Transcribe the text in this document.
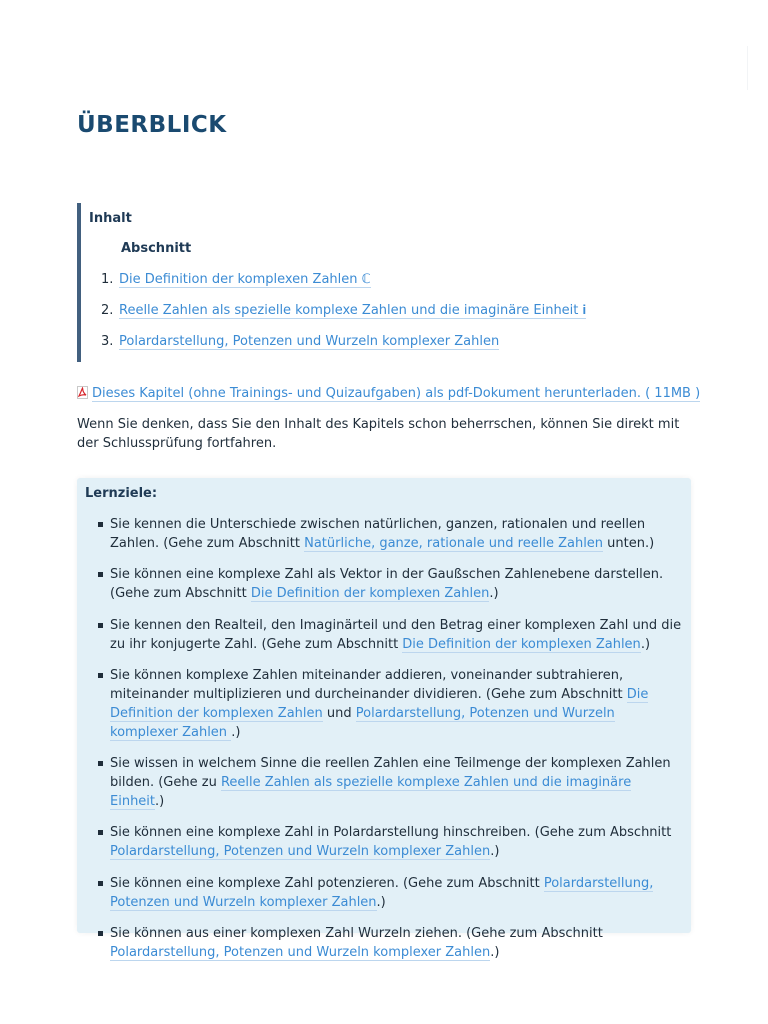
ÜBERBLICK
Inhalt
Abschnitt
1. Die Definition der komplexen Zahlen ℂ
2. Reelle Zahlen als spezielle komplexe Zahlen und die imaginäre Einheit 𝐢
3. Polardarstellung, Potenzen und Wurzeln komplexer Zahlen
Dieses Kapitel (ohne Trainings- und Quizaufgaben) als pdf-Dokument herunterladen. ( 11MB )

Wenn Sie denken, dass Sie den Inhalt des Kapitels schon beherrschen, können Sie direkt mit der Schlussprüfung fortfahren.

Lernziele:
Sie kennen die Unterschiede zwischen natürlichen, ganzen, rationalen und reellen Zahlen. (Gehe zum Abschnitt Natürliche, ganze, rationale und reelle Zahlen unten.)
Sie können eine komplexe Zahl als Vektor in der Gaußschen Zahlenebene darstellen. (Gehe zum Abschnitt Die Definition der komplexen Zahlen.)
Sie kennen den Realteil, den Imaginärteil und den Betrag einer komplexen Zahl und die zu ihr konjugerte Zahl. (Gehe zum Abschnitt Die Definition der komplexen Zahlen.)
Sie können komplexe Zahlen miteinander addieren, voneinander subtrahieren, miteinander multiplizieren und durcheinander dividieren. (Gehe zum Abschnitt Die Definition der komplexen Zahlen und Polardarstellung, Potenzen und Wurzeln komplexer Zahlen .)
Sie wissen in welchem Sinne die reellen Zahlen eine Teilmenge der komplexen Zahlen bilden. (Gehe zu Reelle Zahlen als spezielle komplexe Zahlen und die imaginäre Einheit.)
Sie können eine komplexe Zahl in Polardarstellung hinschreiben. (Gehe zum Abschnitt Polardarstellung, Potenzen und Wurzeln komplexer Zahlen.)
Sie können eine komplexe Zahl potenzieren. (Gehe zum Abschnitt Polardarstellung, Potenzen und Wurzeln komplexer Zahlen.)
Sie können aus einer komplexen Zahl Wurzeln ziehen. (Gehe zum Abschnitt Polardarstellung, Potenzen und Wurzeln komplexer Zahlen.)
